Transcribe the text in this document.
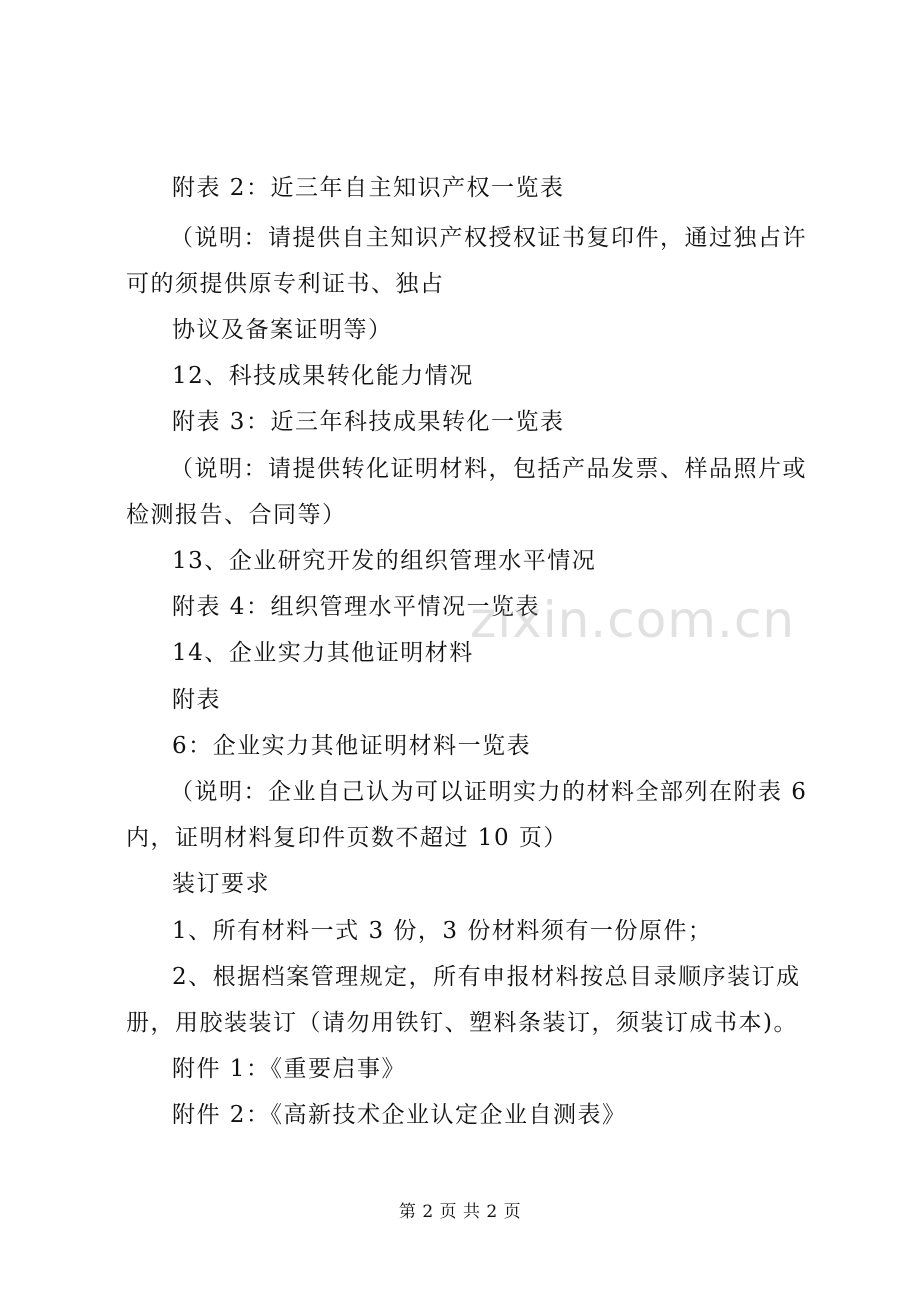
附表 2：近三年自主知识产权一览表
（说明：请提供自主知识产权授权证书复印件，通过独占许
可的须提供原专利证书、独占
协议及备案证明等）
12、科技成果转化能力情况
附表 3：近三年科技成果转化一览表
（说明：请提供转化证明材料，包括产品发票、样品照片或
检测报告、合同等）
13、企业研究开发的组织管理水平情况
附表 4：组织管理水平情况一览表
14、企业实力其他证明材料
附表
6：企业实力其他证明材料一览表
（说明：企业自己认为可以证明实力的材料全部列在附表 6
内，证明材料复印件页数不超过 10 页）
装订要求
1、所有材料一式 3 份，3 份材料须有一份原件；
2、根据档案管理规定，所有申报材料按总目录顺序装订成
册，用胶装装订（请勿用铁钉、塑料条装订，须装订成书本)。
附件 1：《重要启事》
附件 2：《高新技术企业认定企业自测表》
zixin.com.cn
第 2 页 共 2 页
